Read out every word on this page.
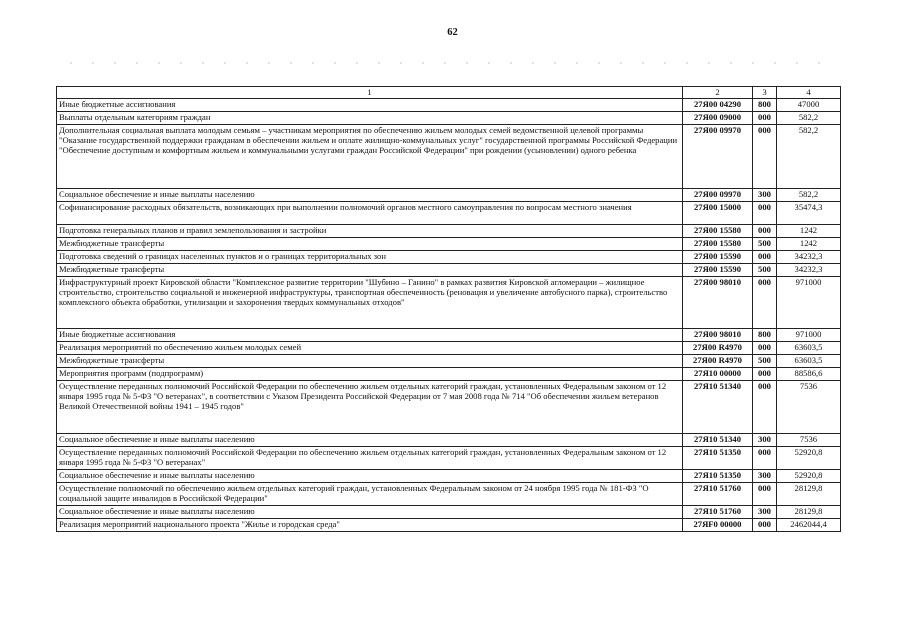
62
1	2	3	4
Иные бюджетные ассигнования	27Я00 04290	800	47000
Выплаты отдельным категориям граждан	27Я00 09000	000	582,2
Дополнительная социальная выплата молодым семьям – участникам мероприятия по обеспечению жильем молодых семей ведомственной целевой программы "Оказание государственной поддержки гражданам в обеспечении жильем и оплате жилищно-коммунальных услуг" государственной программы Российской Федерации "Обеспечение доступным и комфортным жильем и коммунальными услугами граждан Российской Федерации" при рождении (усыновлении) одного ребенка	27Я00 09970	000	582,2
Социальное обеспечение и иные выплаты населению	27Я00 09970	300	582,2
Софинансирование расходных обязательств, возникающих при выполнении полномочий органов местного самоуправления по вопросам местного значения	27Я00 15000	000	35474,3
Подготовка генеральных планов и правил землепользования и застройки	27Я00 15580	000	1242
Межбюджетные трансферты	27Я00 15580	500	1242
Подготовка сведений о границах населенных пунктов и о границах территориальных зон	27Я00 15590	000	34232,3
Межбюджетные трансферты	27Я00 15590	500	34232,3
Инфраструктурный проект Кировской области "Комплексное развитие территории "Шубино – Ганино" в рамках развития Кировской агломерации – жилищное строительство, строительство социальной и инженерной инфраструктуры, транспортная обеспеченность (реновация и увеличение автобусного парка), строительство комплексного объекта обработки, утилизации и захоронения твердых коммунальных отходов"	27Я00 98010	000	971000
Иные бюджетные ассигнования	27Я00 98010	800	971000
Реализация мероприятий по обеспечению жильем молодых семей	27Я00 R4970	000	63603,5
Межбюджетные трансферты	27Я00 R4970	500	63603,5
Мероприятия программ (подпрограмм)	27Я10 00000	000	88586,6
Осуществление переданных полномочий Российской Федерации по обеспечению жильем отдельных категорий граждан, установленных Федеральным законом от 12 января 1995 года № 5-ФЗ "О ветеранах", в соответствии с Указом Президента Российской Федерации от 7 мая 2008 года № 714 "Об обеспечении жильем ветеранов Великой Отечественной войны 1941 – 1945 годов"	27Я10 51340	000	7536
Социальное обеспечение и иные выплаты населению	27Я10 51340	300	7536
Осуществление переданных полномочий Российской Федерации по обеспечению жильем отдельных категорий граждан, установленных Федеральным законом от 12 января 1995 года № 5-ФЗ "О ветеранах"	27Я10 51350	000	52920,8
Социальное обеспечение и иные выплаты населению	27Я10 51350	300	52920,8
Осуществление полномочий по обеспечению жильем отдельных категорий граждан, установленных Федеральным законом от 24 ноября 1995 года № 181-ФЗ "О социальной защите инвалидов в Российской Федерации"	27Я10 51760	000	28129,8
Социальное обеспечение и иные выплаты населению	27Я10 51760	300	28129,8
Реализация мероприятий национального проекта "Жилье и городская среда"	27ЯF0 00000	000	2462044,4
